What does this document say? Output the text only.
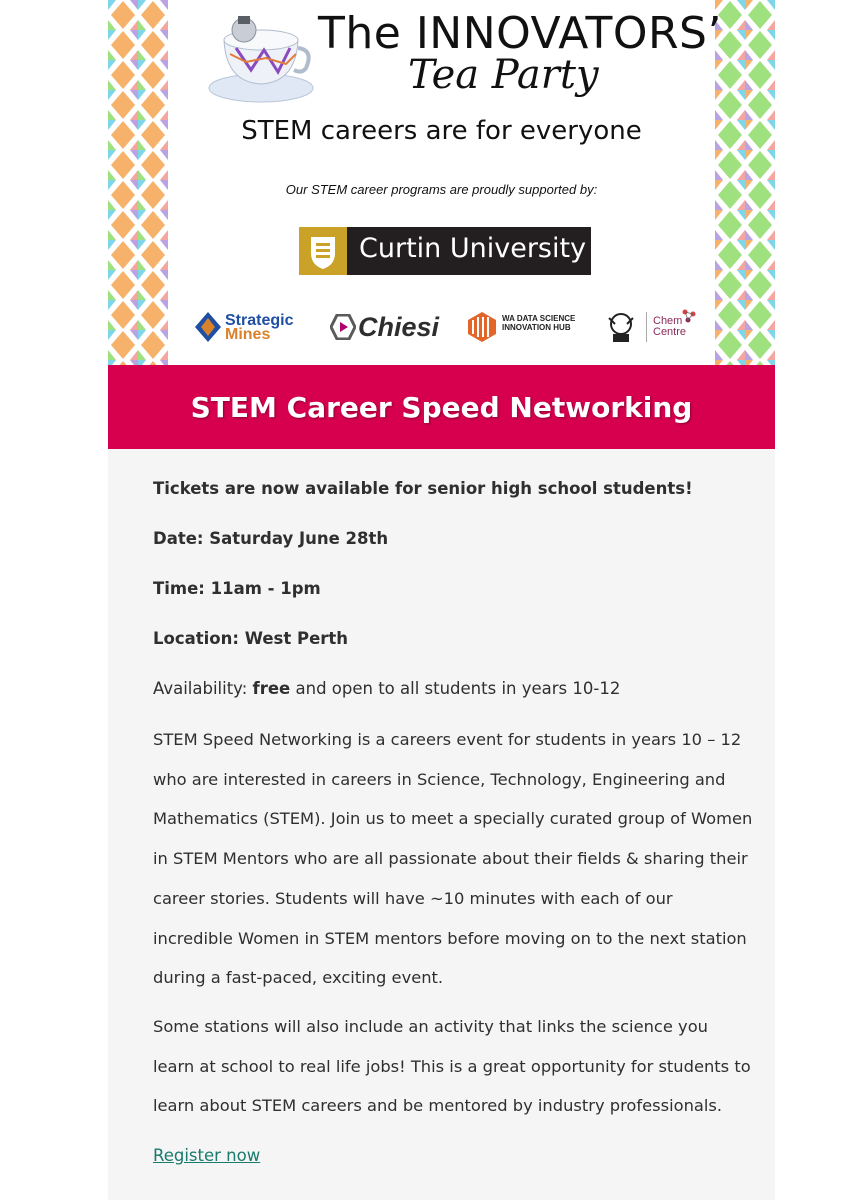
The INNOVATORS’
Tea Party
STEM careers are for everyone
Our STEM career programs are proudly supported by:
Curtin University
Strategic
Mines	Chiesi	WA DATA SCIENCE
INNOVATION HUB
Chem
Centre
STEM Career Speed Networking

Tickets are now available for senior high school students!

Date: Saturday June 28th

Time: 11am - 1pm

Location: West Perth

Availability: free and open to all students in years 10-12

STEM Speed Networking is a careers event for students in years 10 – 12 who are interested in careers in Science, Technology, Engineering and Mathematics (STEM). Join us to meet a specially curated group of Women in STEM Mentors who are all passionate about their fields & sharing their career stories. Students will have ~10 minutes with each of our incredible Women in STEM mentors before moving on to the next station during a fast-paced, exciting event.

Some stations will also include an activity that links the science you learn at school to real life jobs! This is a great opportunity for students to learn about STEM careers and be mentored by industry professionals.

Register now
